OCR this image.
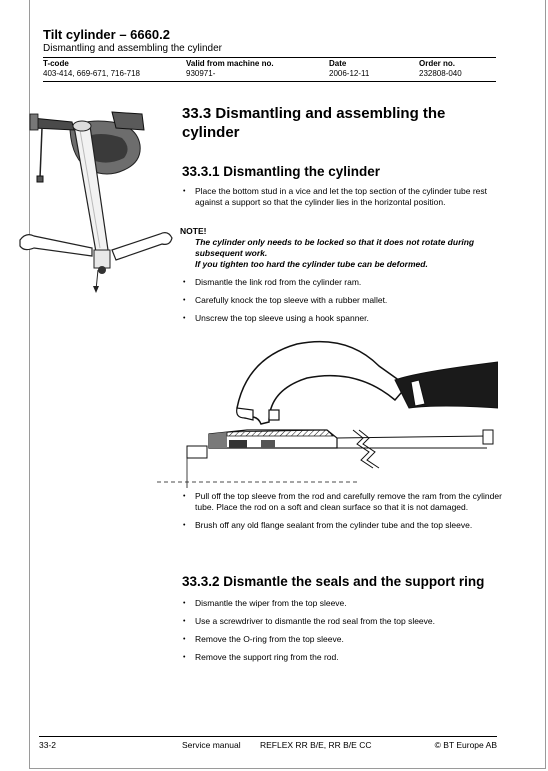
Tilt cylinder – 6660.2
Dismantling and assembling the cylinder
T-code
403-414, 669-671, 716-718
Valid from machine no.
930971-
Date
2006-12-11
Order no.
232808-040
33.3 Dismantling and assembling the cylinder
33.3.1 Dismantling the cylinder
• Place the bottom stud in a vice and let the top section of the cylinder tube rest against a support so that the cylinder lies in the horizontal position.
NOTE!
The cylinder only needs to be locked so that it does not rotate during subsequent work.
If you tighten too hard the cylinder tube can be deformed.
• Dismantle the link rod from the cylinder ram.
• Carefully knock the top sleeve with a rubber mallet.
• Unscrew the top sleeve using a hook spanner.
• Pull off the top sleeve from the rod and carefully remove the ram from the cylinder tube. Place the rod on a soft and clean surface so that it is not damaged.
• Brush off any old flange sealant from the cylinder tube and the top sleeve.
33.3.2 Dismantle the seals and the support ring
• Dismantle the wiper from the top sleeve.
• Use a screwdriver to dismantle the rod seal from the top sleeve.
• Remove the O-ring from the top sleeve.
• Remove the support ring from the rod.
33-2	Service manual REFLEX RR B/E, RR B/E CC	© BT Europe AB
